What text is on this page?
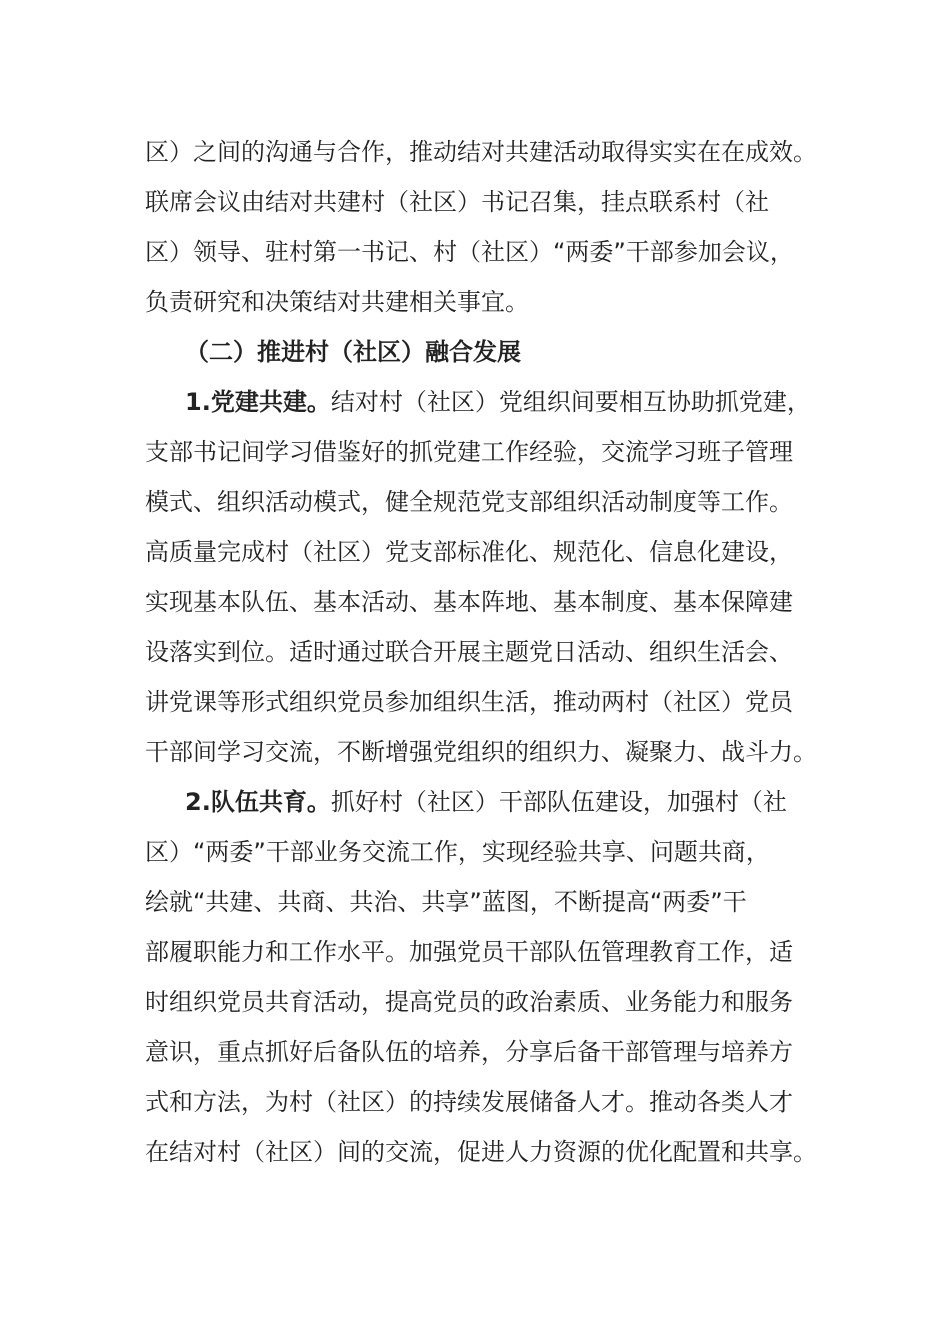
区）之间的沟通与合作，推动结对共建活动取得实实在在成效。
联席会议由结对共建村（社区）书记召集，挂点联系村（社
区）领导、驻村第一书记、村（社区）“两委”干部参加会议，
负责研究和决策结对共建相关事宜。
（二）推进村（社区）融合发展
1.党建共建。结对村（社区）党组织间要相互协助抓党建，
支部书记间学习借鉴好的抓党建工作经验，交流学习班子管理
模式、组织活动模式，健全规范党支部组织活动制度等工作。
高质量完成村（社区）党支部标准化、规范化、信息化建设，
实现基本队伍、基本活动、基本阵地、基本制度、基本保障建
设落实到位。适时通过联合开展主题党日活动、组织生活会、
讲党课等形式组织党员参加组织生活，推动两村（社区）党员
干部间学习交流，不断增强党组织的组织力、凝聚力、战斗力。
2.队伍共育。抓好村（社区）干部队伍建设，加强村（社
区）“两委”干部业务交流工作，实现经验共享、问题共商，
绘就“共建、共商、共治、共享”蓝图，不断提高“两委”干
部履职能力和工作水平。加强党员干部队伍管理教育工作，适
时组织党员共育活动，提高党员的政治素质、业务能力和服务
意识，重点抓好后备队伍的培养，分享后备干部管理与培养方
式和方法，为村（社区）的持续发展储备人才。推动各类人才
在结对村（社区）间的交流，促进人力资源的优化配置和共享。
